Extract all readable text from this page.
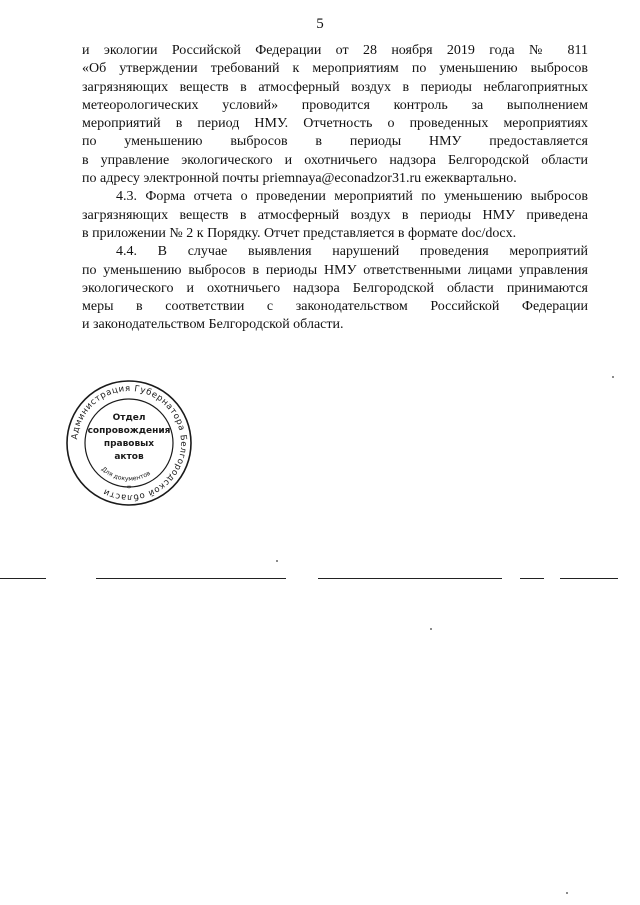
5
и экологии Российской Федерации от 28 ноября 2019 года № 811
«Об утверждении требований к мероприятиям по уменьшению выбросов
загрязняющих веществ в атмосферный воздух в периоды неблагоприятных
метеорологических условий» проводится контроль за выполнением
мероприятий в период НМУ. Отчетность о проведенных мероприятиях
по уменьшению выбросов в периоды НМУ предоставляется
в управление экологического и охотничьего надзора Белгородской области
по адресу электронной почты priemnaya@econadzor31.ru ежеквартально.
4.3. Форма отчета о проведении мероприятий по уменьшению выбросов
загрязняющих веществ в атмосферный воздух в периоды НМУ приведена
в приложении № 2 к Порядку. Отчет представляется в формате doc/docx.
4.4. В случае выявления нарушений проведения мероприятий
по уменьшению выбросов в периоды НМУ ответственными лицами управления
экологического и охотничьего надзора Белгородской области принимаются
меры в соответствии с законодательством Российской Федерации
и законодательством Белгородской области.
Администрация Губернатора Белгородской области
Для документов
Отдел
сопровождения
правовых
актов
*
